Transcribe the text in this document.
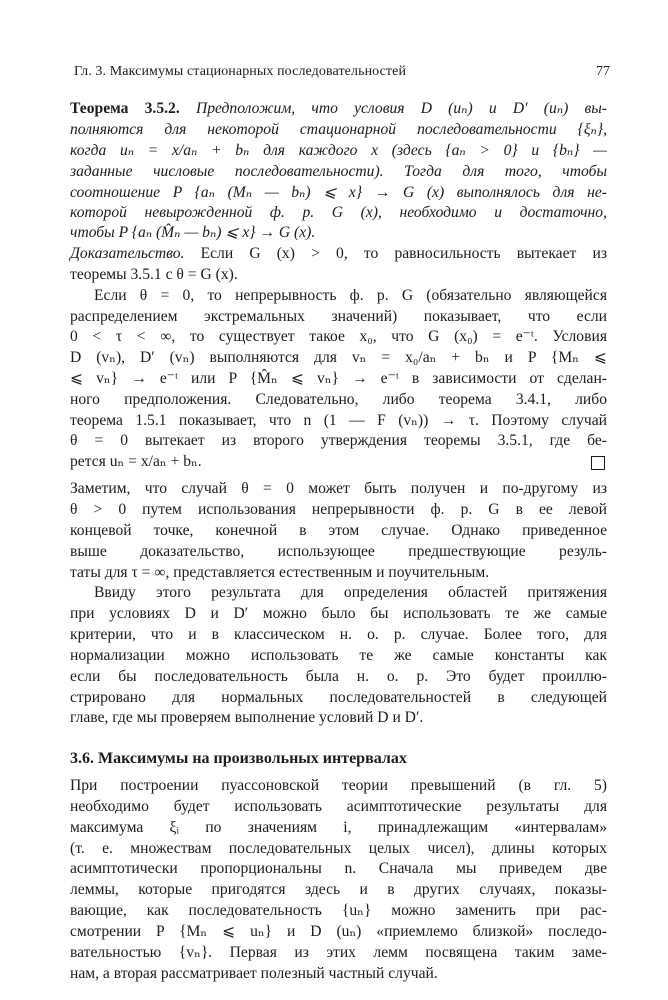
Гл. 3. Максимумы стационарных последовательностей	77
Теорема 3.5.2. Предположим, что условия D (uₙ) и D′ (uₙ) вы-
полняются для некоторой стационарной последовательности {ξₙ},
когда uₙ = x/aₙ + bₙ для каждого x (здесь {aₙ > 0} и {bₙ} —
заданные числовые последовательности). Тогда для того, чтобы
соотношение P {aₙ (Mₙ — bₙ) ⩽ x} → G (x) выполнялось для не-
которой невырожденной ф. р. G (x), необходимо и достаточно,
чтобы P {aₙ (M̂ₙ — bₙ) ⩽ x} → G (x).
Доказательство. Если G (x) > 0, то равносильность вытекает из
теоремы 3.5.1 с θ = G (x).
Если θ = 0, то непрерывность ф. р. G (обязательно являющейся
распределением экстремальных значений) показывает, что если
0 < τ < ∞, то существует такое x₀, что G (x₀) = e⁻ᵗ. Условия
D (vₙ), D′ (vₙ) выполняются для vₙ = x₀/aₙ + bₙ и P {Mₙ ⩽
⩽ vₙ} → e⁻ᵗ или P {M̂ₙ ⩽ vₙ} → e⁻ᵗ в зависимости от сделан-
ного предположения. Следовательно, либо теорема 3.4.1, либо
теорема 1.5.1 показывает, что n (1 — F (vₙ)) → τ. Поэтому случай
θ = 0 вытекает из второго утверждения теоремы 3.5.1, где бе-
рется uₙ = x/aₙ + bₙ.
Заметим, что случай θ = 0 может быть получен и по-другому из
θ > 0 путем использования непрерывности ф. р. G в ее левой
концевой точке, конечной в этом случае. Однако приведенное
выше доказательство, использующее предшествующие резуль-
таты для τ = ∞, представляется естественным и поучительным.
Ввиду этого результата для определения областей притяжения
при условиях D и D′ можно было бы использовать те же самые
критерии, что и в классическом н. о. р. случае. Более того, для
нормализации можно использовать те же самые константы как
если бы последовательность была н. о. р. Это будет проиллю-
стрировано для нормальных последовательностей в следующей
главе, где мы проверяем выполнение условий D и D′.
3.6. Максимумы на произвольных интервалах
При построении пуассоновской теории превышений (в гл. 5)
необходимо будет использовать асимптотические результаты для
максимума ξᵢ по значениям i, принадлежащим «интервалам»
(т. е. множествам последовательных целых чисел), длины которых
асимптотически пропорциональны n. Сначала мы приведем две
леммы, которые пригодятся здесь и в других случаях, показы-
вающие, как последовательность {uₙ} можно заменить при рас-
смотрении P {Mₙ ⩽ uₙ} и D (uₙ) «приемлемо близкой» последо-
вательностью {vₙ}. Первая из этих лемм посвящена таким заме-
нам, а вторая рассматривает полезный частный случай.
